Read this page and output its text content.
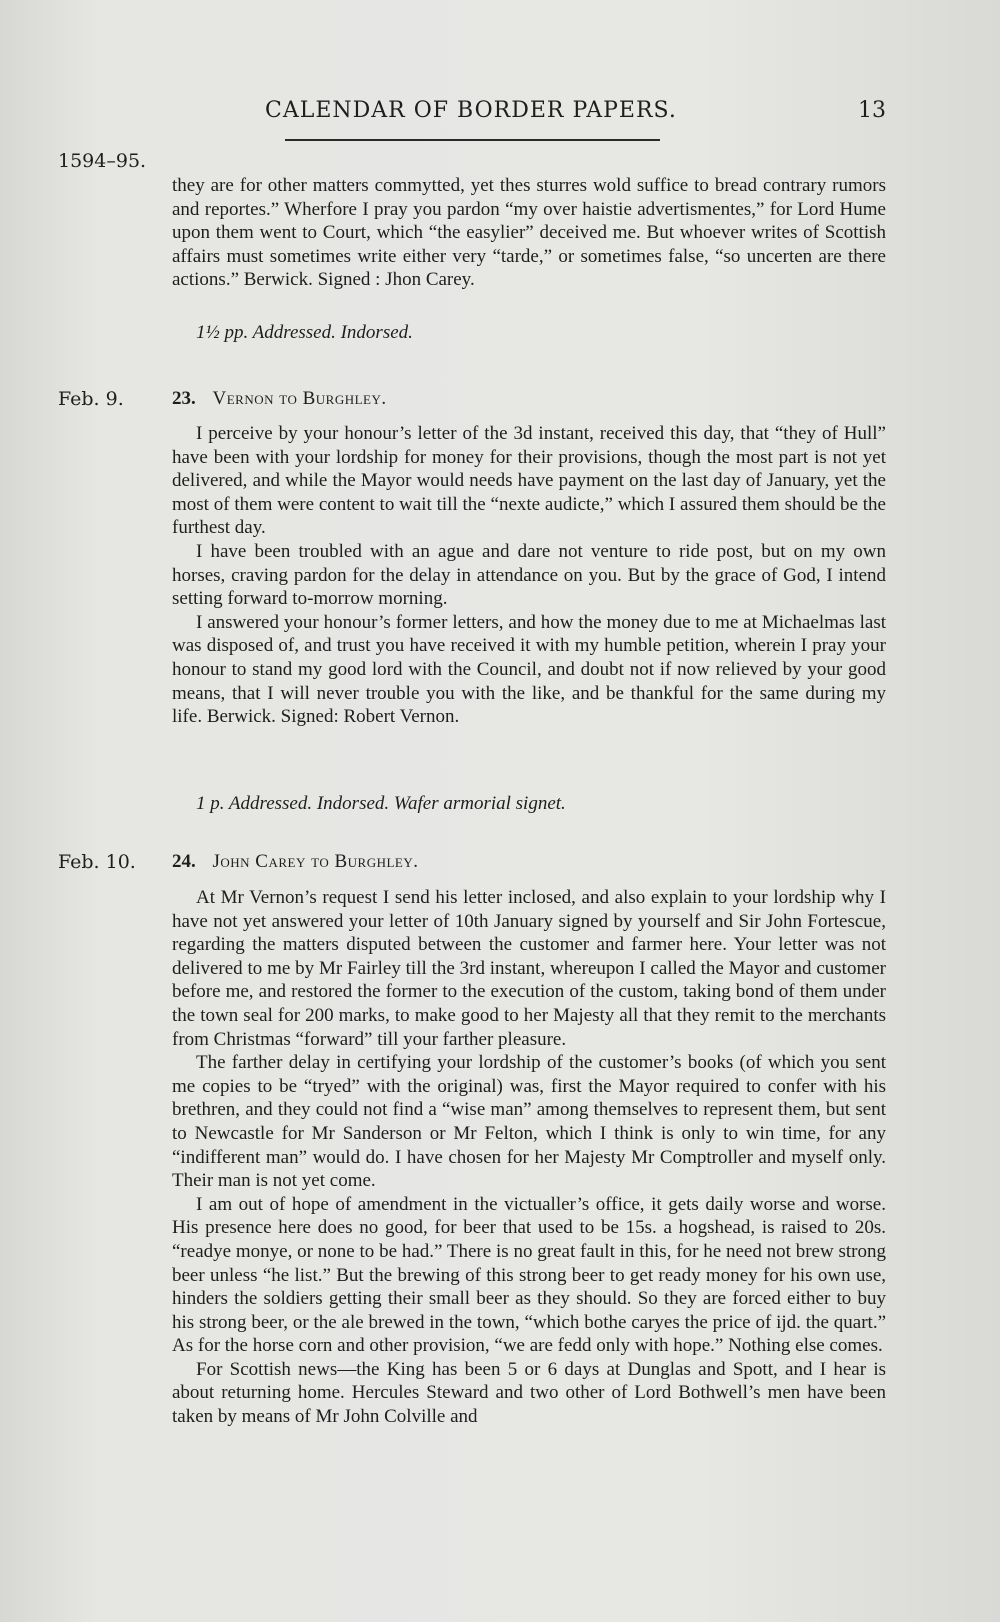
CALENDAR OF BORDER PAPERS.	13
1594–95.

they are for other matters commytted, yet thes sturres wold suffice to bread contrary rumors and reportes.” Wherfore I pray you pardon “my over haistie advertismentes,” for Lord Hume upon them went to Court, which “the easylier” deceived me. But whoever writes of Scottish affairs must sometimes write either very “tarde,” or sometimes false, “so uncerten are there actions.” Berwick. Signed : Jhon Carey.

1½ pp. Addressed. Indorsed.
Feb. 9.	23. Vernon to Burghley.

I perceive by your honour’s letter of the 3d instant, received this day, that “they of Hull” have been with your lordship for money for their provisions, though the most part is not yet delivered, and while the Mayor would needs have payment on the last day of January, yet the most of them were content to wait till the “nexte audicte,” which I assured them should be the furthest day.

I have been troubled with an ague and dare not venture to ride post, but on my own horses, craving pardon for the delay in attendance on you. But by the grace of God, I intend setting forward to-morrow morning.

I answered your honour’s former letters, and how the money due to me at Michaelmas last was disposed of, and trust you have received it with my humble petition, wherein I pray your honour to stand my good lord with the Council, and doubt not if now relieved by your good means, that I will never trouble you with the like, and be thankful for the same during my life. Berwick. Signed: Robert Vernon.

1 p. Addressed. Indorsed. Wafer armorial signet.
Feb. 10. 24. John Carey to Burghley.

At Mr Vernon’s request I send his letter inclosed, and also explain to your lordship why I have not yet answered your letter of 10th January signed by yourself and Sir John Fortescue, regarding the matters disputed between the customer and farmer here. Your letter was not delivered to me by Mr Fairley till the 3rd instant, whereupon I called the Mayor and customer before me, and restored the former to the execution of the custom, taking bond of them under the town seal for 200 marks, to make good to her Majesty all that they remit to the merchants from Christmas “forward” till your farther pleasure.

The farther delay in certifying your lordship of the customer’s books (of which you sent me copies to be “tryed” with the original) was, first the Mayor required to confer with his brethren, and they could not find a “wise man” among themselves to represent them, but sent to Newcastle for Mr Sanderson or Mr Felton, which I think is only to win time, for any “indifferent man” would do. I have chosen for her Majesty Mr Comptroller and myself only. Their man is not yet come.

I am out of hope of amendment in the victualler’s office, it gets daily worse and worse. His presence here does no good, for beer that used to be 15s. a hogshead, is raised to 20s. “readye monye, or none to be had.” There is no great fault in this, for he need not brew strong beer unless “he list.” But the brewing of this strong beer to get ready money for his own use, hinders the soldiers getting their small beer as they should. So they are forced either to buy his strong beer, or the ale brewed in the town, “which bothe caryes the price of ijd. the quart.” As for the horse corn and other provision, “we are fedd only with hope.” Nothing else comes.

For Scottish news—the King has been 5 or 6 days at Dunglas and Spott, and I hear is about returning home. Hercules Steward and two other of Lord Bothwell’s men have been taken by means of Mr John Colville and
